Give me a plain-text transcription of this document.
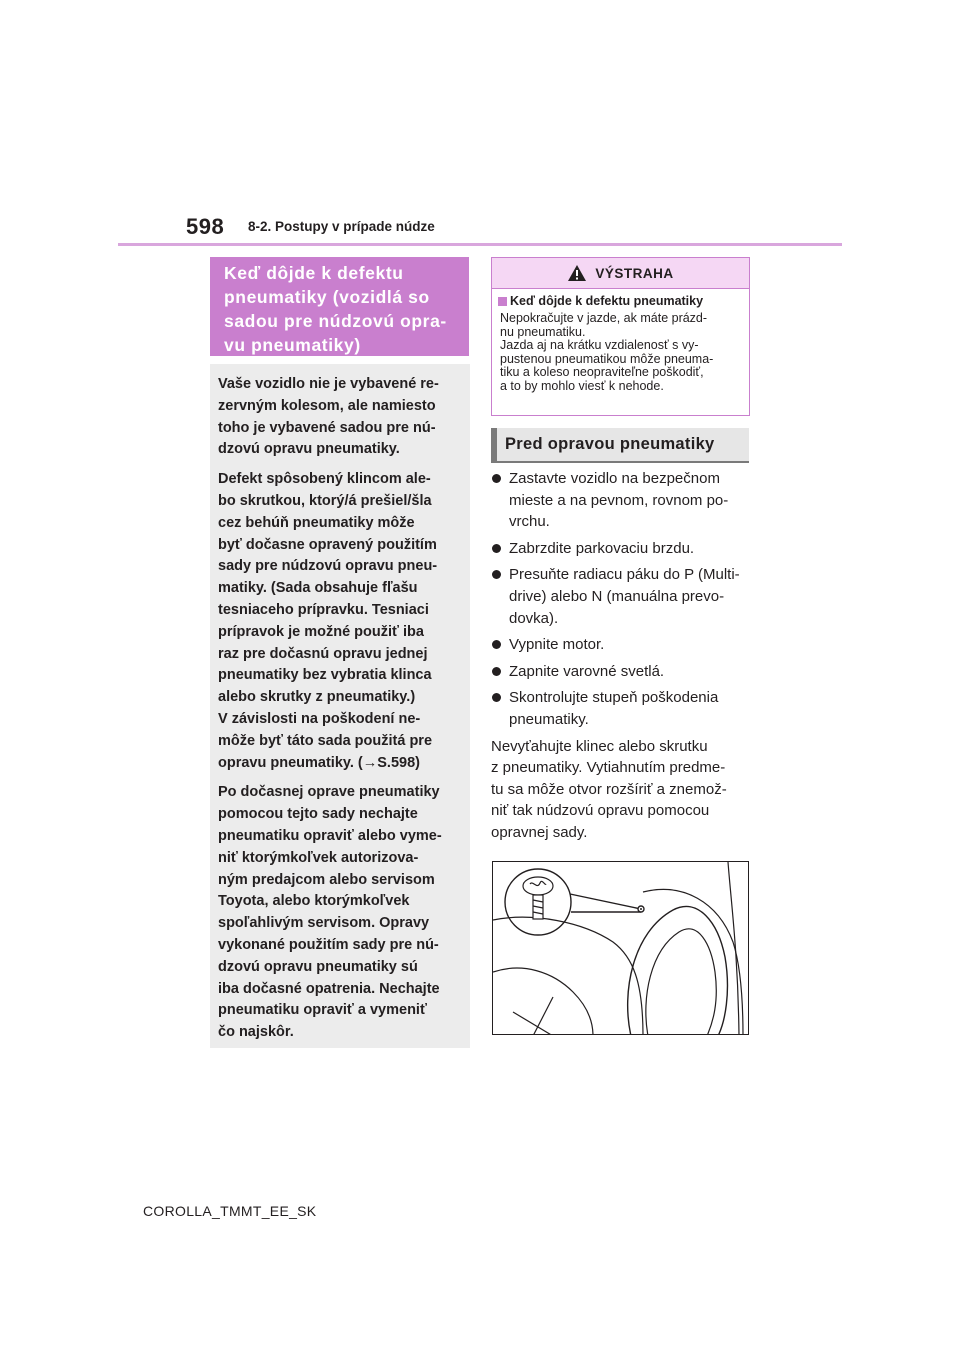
598 8-2. Postupy v prípade núdze
Keď dôjde k defektu
pneumatiky (vozidlá so
sadou pre núdzovú opra-
vu pneumatiky)

Vaše vozidlo nie je vybavené re-
zervným kolesom, ale namiesto
toho je vybavené sadou pre nú-
dzovú opravu pneumatiky.

Defekt spôsobený klincom ale-
bo skrutkou, ktorý/á prešiel/šla
cez behúň pneumatiky môže
byť dočasne opravený použitím
sady pre núdzovú opravu pneu-
matiky. (Sada obsahuje fľašu
tesniaceho prípravku. Tesniaci
prípravok je možné použiť iba
raz pre dočasnú opravu jednej
pneumatiky bez vybratia klinca
alebo skrutky z pneumatiky.)
V závislosti na poškodení ne-
môže byť táto sada použitá pre
opravu pneumatiky. (→S.598)

Po dočasnej oprave pneumatiky
pomocou tejto sady nechajte
pneumatiku opraviť alebo vyme-
niť ktorýmkoľvek autorizova-
ným predajcom alebo servisom
Toyota, alebo ktorýmkoľvek
spoľahlivým servisom. Opravy
vykonané použitím sady pre nú-
dzovú opravu pneumatiky sú
iba dočasné opatrenia. Nechajte
pneumatiku opraviť a vymeniť
čo najskôr.

VÝSTRAHA
Keď dôjde k defektu pneumatiky
Nepokračujte v jazde, ak máte prázd-
nu pneumatiku.
Jazda aj na krátku vzdialenosť s vy-
pustenou pneumatikou môže pneuma-
tiku a koleso neopraviteľne poškodiť,
a to by mohlo viesť k nehode.
Pred opravou pneumatiky
Zastavte vozidlo na bezpečnom
mieste a na pevnom, rovnom po-
vrchu.
Zabrzdite parkovaciu brzdu.
Presuňte radiacu páku do P (Multi-
drive) alebo N (manuálna prevo-
dovka).
Vypnite motor.
Zapnite varovné svetlá.
Skontrolujte stupeň poškodenia
pneumatiky.
Nevyťahujte klinec alebo skrutku
z pneumatiky. Vytiahnutím predme-
tu sa môže otvor rozšíriť a znemož-
niť tak núdzovú opravu pomocou
opravnej sady.
COROLLA_TMMT_EE_SK
